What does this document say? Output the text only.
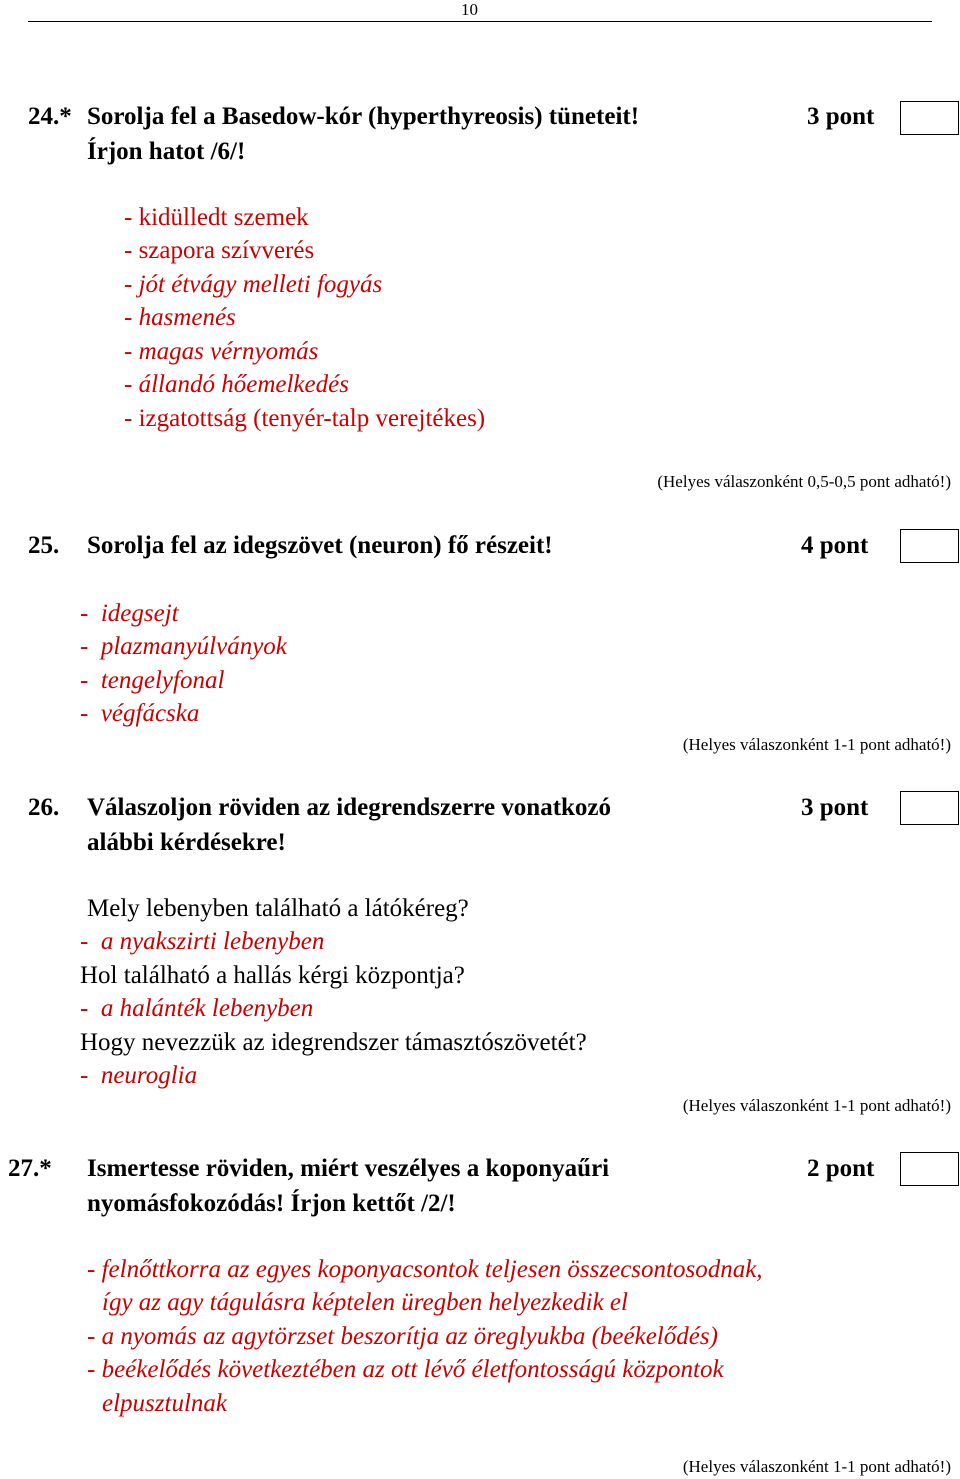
10
24.* Sorolja fel a Basedow-kór (hyperthyreosis) tüneteit!
Írjon hatot /6/!
3 pont
- kidülledt szemek
- szapora szívverés
- jót étvágy melleti fogyás
- hasmenés
- magas vérnyomás
- állandó hőemelkedés
- izgatottság (tenyér-talp verejtékes)
(Helyes válaszonként 0,5-0,5 pont adható!)
25. Sorolja fel az idegszövet (neuron) fő részeit!	4 pont
-  idegsejt
-  plazmanyúlványok
-  tengelyfonal
-  végfácska
(Helyes válaszonként 1-1 pont adható!)
26. Válaszoljon röviden az idegrendszerre vonatkozó
alábbi kérdésekre!
3 pont
Mely lebenyben található a látókéreg?
-  a nyakszirti lebenyben
Hol található a hallás kérgi központja?
-  a halánték lebenyben
Hogy nevezzük az idegrendszer támasztószövetét?
-  neuroglia
(Helyes válaszonként 1-1 pont adható!)
27.* Ismertesse röviden, miért veszélyes a koponyaűri
nyomásfokozódás! Írjon kettőt /2/!
2 pont
- felnőttkorra az egyes koponyacsontok teljesen összecsontosodnak,
így az agy tágulásra képtelen üregben helyezkedik el
- a nyomás az agytörzset beszorítja az öreglyukba (beékelődés)
- beékelődés következtében az ott lévő életfontosságú központok
elpusztulnak
(Helyes válaszonként 1-1 pont adható!)
